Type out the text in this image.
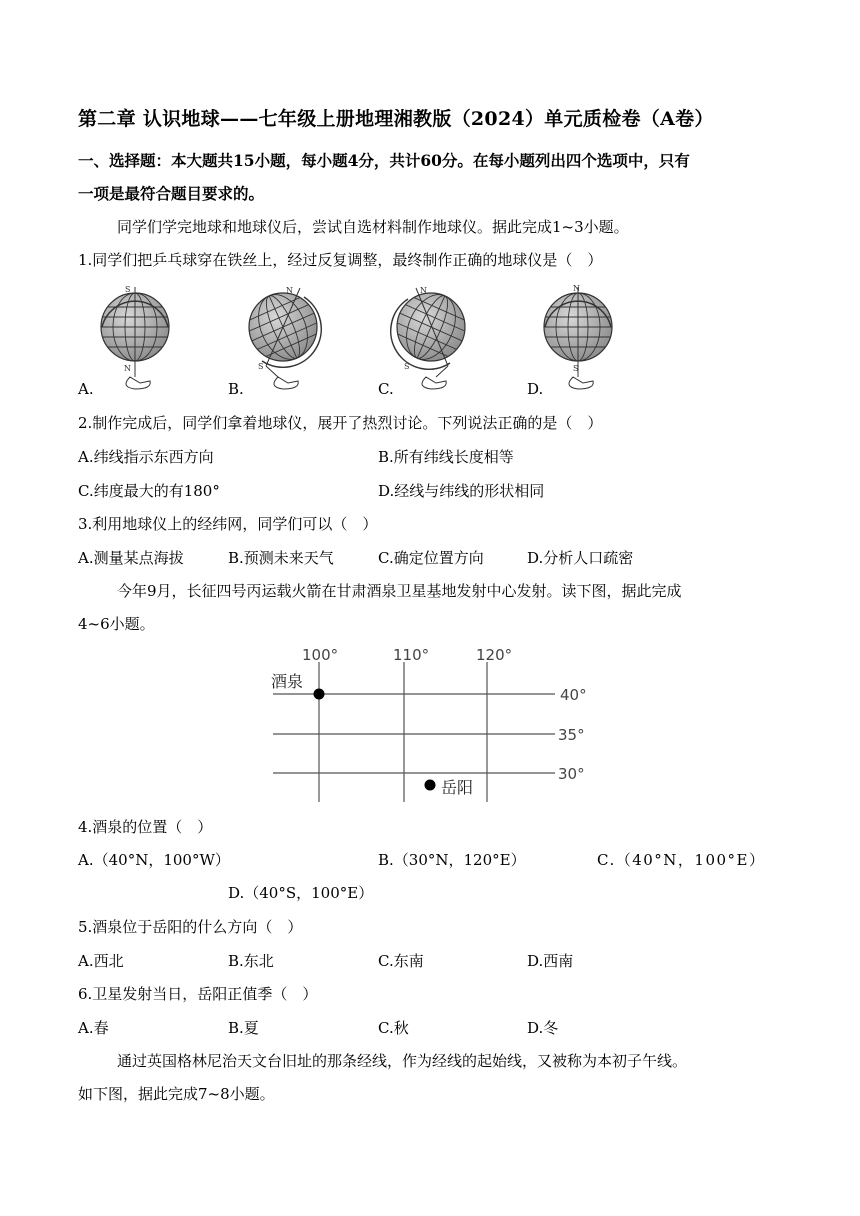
第二章 认识地球——七年级上册地理湘教版（2024）单元质检卷（A卷）
一、选择题：本大题共15小题，每小题4分，共计60分。在每小题列出四个选项中，只有
一项是最符合题目要求的。
同学们学完地球和地球仪后，尝试自选材料制作地球仪。据此完成1~3小题。
1.同学们把乒乓球穿在铁丝上，经过反复调整，最终制作正确的地球仪是（　）
S
N
A.
N
S
B.
N
S
C.
N
S
D.
2.制作完成后，同学们拿着地球仪，展开了热烈讨论。下列说法正确的是（　）
A.纬线指示东西方向	B.所有纬线长度相等
C.纬度最大的有180°	D.经线与纬线的形状相同
3.利用地球仪上的经纬网，同学们可以（　）
A.测量某点海拔	B.预测未来天气	C.确定位置方向	D.分析人口疏密
今年9月，长征四号丙运载火箭在甘肃酒泉卫星基地发射中心发射。读下图，据此完成
4~6小题。
100°	110°	120°
40°
35°
30°
酒泉
岳阳
4.酒泉的位置（　）
A.（40°N，100°W）	B.（30°N，120°E）	C.（40°N，100°E）
D.（40°S，100°E）
5.酒泉位于岳阳的什么方向（　）
A.西北	B.东北	C.东南	D.西南
6.卫星发射当日，岳阳正值季（　）
A.春	B.夏	C.秋	D.冬
通过英国格林尼治天文台旧址的那条经线，作为经线的起始线，又被称为本初子午线。
如下图，据此完成7~8小题。
